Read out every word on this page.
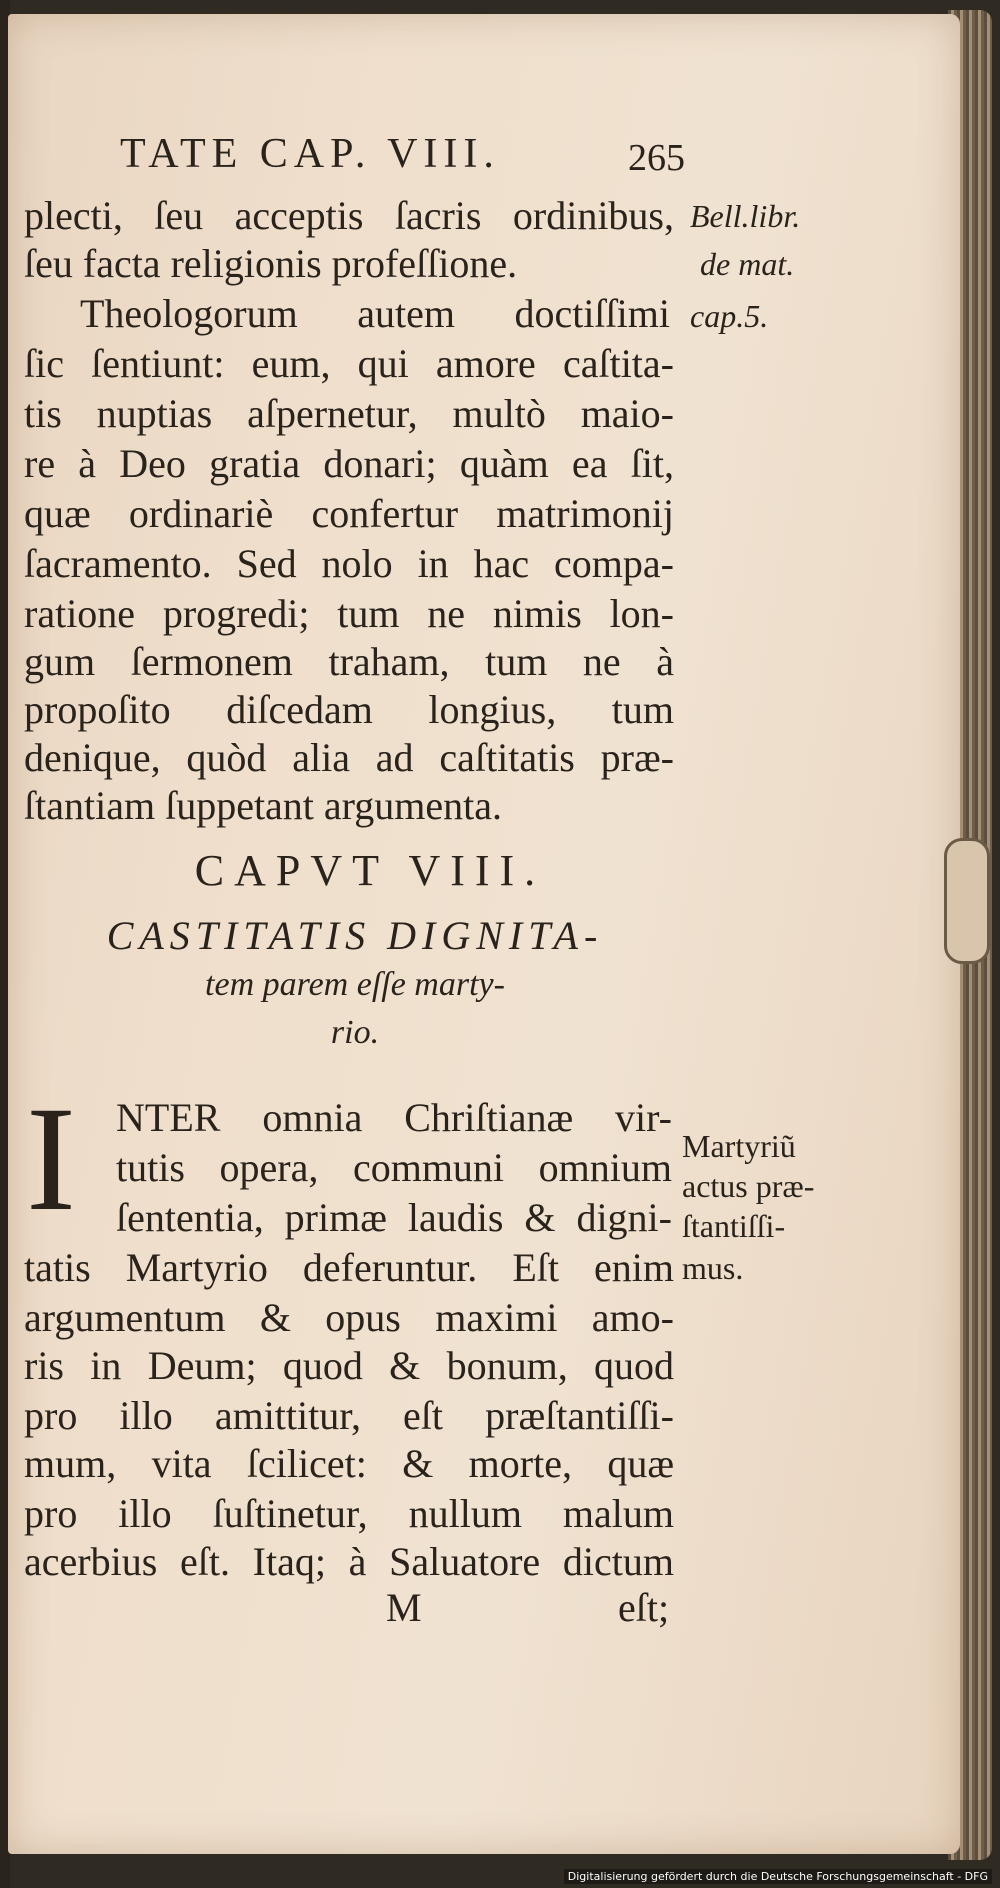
TATE CAP. VIII.	265
Bell.libr.
de mat.
cap.5.
plecti, ſeu acceptis ſacris ordinibus,
ſeu facta religionis profeſſione.
Theologorum autem doctiſſimi
ſic ſentiunt: eum, qui amore caſtita-
tis nuptias aſpernetur, multò maio-
re à Deo gratia donari; quàm ea ſit,
quæ ordinariè confertur matrimonij
ſacramento. Sed nolo in hac compa-
ratione progredi; tum ne nimis lon-
gum ſermonem traham, tum ne à
propoſito diſcedam longius, tum
denique, quòd alia ad caſtitatis præ-
ſtantiam ſuppetant argumenta.
CAPVT VIII.
CASTITATIS DIGNITA-
tem parem eſſe marty-
rio.
I NTER omnia Chriſtianæ vir-
tutis opera, communi omnium
ſententia, primæ laudis & digni-
Martyriũ
actus præ-
ſtantiſſi-
mus.
tatis Martyrio deferuntur. Eſt enim
argumentum & opus maximi amo-
ris in Deum; quod & bonum, quod
pro illo amittitur, eſt præſtantiſſi-
mum, vita ſcilicet: & morte, quæ
pro illo ſuſtinetur, nullum malum
acerbius eſt. Itaq; à Saluatore dictum
M	eſt;
Digitalisierung gefördert durch die Deutsche Forschungsgemeinschaft - DFG
